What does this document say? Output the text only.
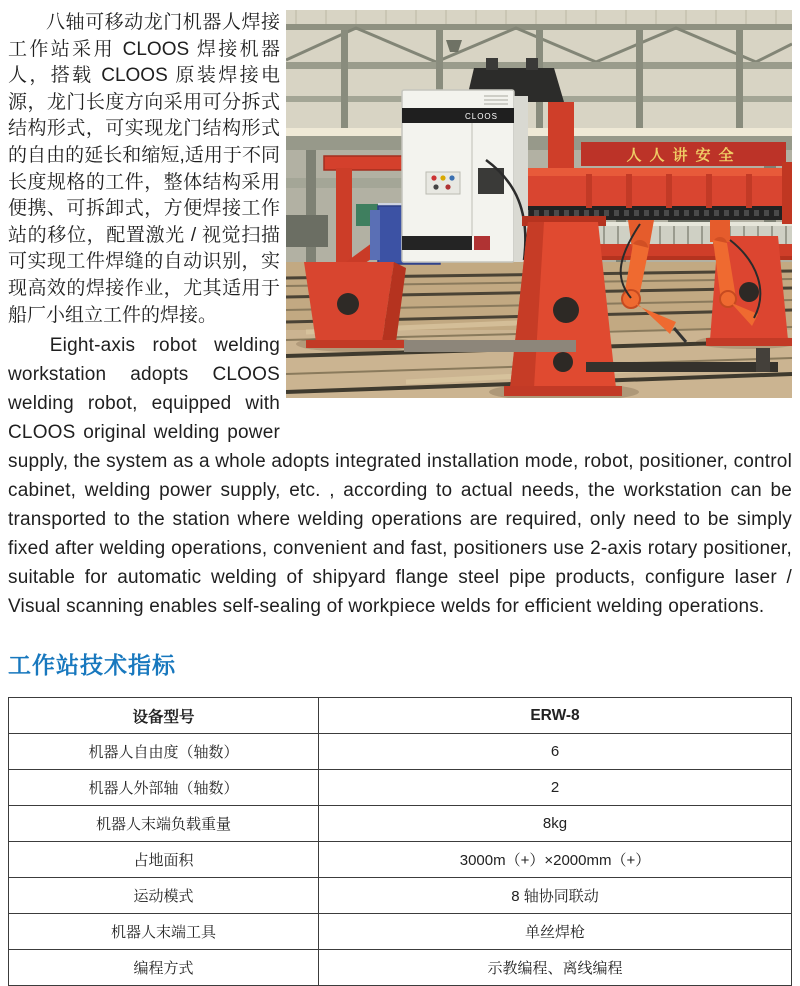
人人讲安全
CLOOS

八轴可移动龙门机器人焊接工作站采用 CLOOS 焊接机器人，搭载 CLOOS 原装焊接电源，龙门长度方向采用可分拆式结构形式，可实现龙门结构形式的自由的延长和缩短,适用于不同长度规格的工件，整体结构采用便携、可拆卸式，方便焊接工作站的移位，配置激光 / 视觉扫描可实现工件焊缝的自动识别，实现高效的焊接作业，尤其适用于船厂小组立工件的焊接。

Eight-axis robot welding workstation adopts CLOOS welding robot, equipped with CLOOS original welding power supply, the system as a whole adopts integrated installation mode, robot, positioner, control cabinet, welding power supply, etc. , according to actual needs, the workstation can be transported to the station where welding operations are required, only need to be simply fixed after welding operations, convenient and fast, positioners use 2-axis rotary positioner, suitable for automatic welding of shipyard flange steel pipe products, configure laser / Visual scanning enables self-sealing of workpiece welds for efficient welding operations.

工作站技术指标
设备型号	ERW-8
机器人自由度（轴数）	6
机器人外部轴（轴数）	2
机器人末端负载重量	8kg
占地面积	3000m（+）×2000mm（+）
运动模式	8 轴协同联动
机器人末端工具	单丝焊枪
编程方式	示教编程、离线编程
